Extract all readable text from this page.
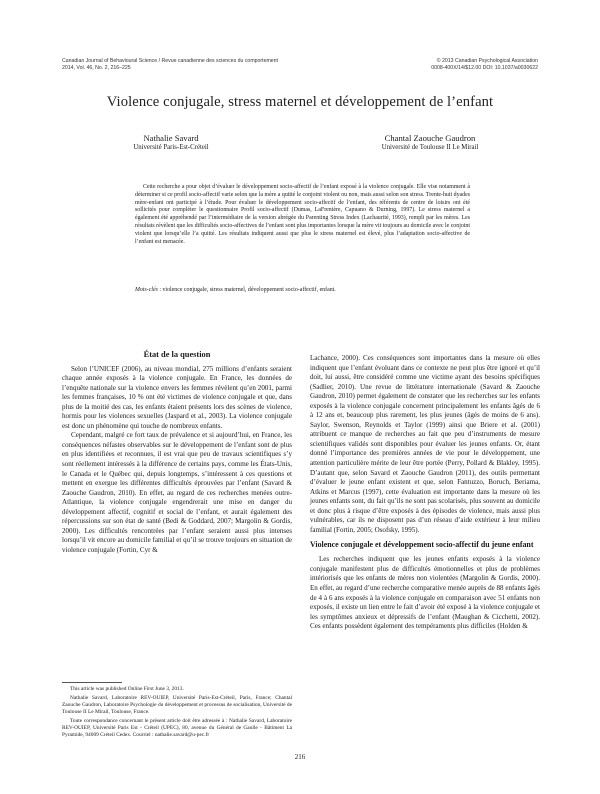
Canadian Journal of Behavioural Science / Revue canadienne des sciences du comportement
2014, Vol. 46, No. 2, 216–225
© 2013 Canadian Psychological Association
0008-400X/14/$12.00 DOI: 10.1037/a0030622
Violence conjugale, stress maternel et développement de l’enfant
Nathalie Savard
Université Paris-Est-Créteil
Chantal Zaouche Gaudron
Université de Toulouse II Le Mirail

Cette recherche a pour objet d’évaluer le développement socio-affectif de l’enfant exposé à la violence conjugale. Elle vise notamment à déterminer si ce profil socio-affectif varie selon que la mère a quitté le conjoint violent ou non, mais aussi selon son stress. Trente-huit dyades mère-enfant ont participé à l’étude. Pour évaluer le développement socio-affectif de l’enfant, des référents de centre de loisirs ont été sollicités pour compléter le questionnaire Profil socio-affectif (Dumas, LaFrenière, Capuano & Durning, 1997). Le stress maternel a également été appréhendé par l’intermédiaire de la version abrégée du Parenting Stress Index (Lachaurité, 1993), rempli par les mères. Les résultats révèlent que les difficultés socio-affectives de l’enfant sont plus importantes lorsque la mère vit toujours au domicile avec le conjoint violent que lorsqu’elle l’a quitté. Les résultats indiquent aussi que plus le stress maternel est élevé, plus l’adaptation socio-affective de l’enfant est menacée.

Mots-clés : violence conjugale, stress maternel, développement socio-affectif, enfant.
État de la question

Selon l’UNICEF (2006), au niveau mondial, 275 millions d’enfants seraient chaque année exposés à la violence conjugale. En France, les données de l’enquête nationale sur la violence envers les femmes révèlent qu’en 2001, parmi les femmes françaises, 10 % ont été victimes de violence conjugale et que, dans plus de la moitié des cas, les enfants étaient présents lors des scènes de violence, hormis pour les violences sexuelles (Jaspard et al., 2003). La violence conjugale est donc un phénomène qui touche de nombreux enfants.

Cependant, malgré ce fort taux de prévalence et si aujourd’hui, en France, les conséquences néfastes observables sur le développement de l’enfant sont de plus en plus identifiées et reconnues, il est vrai que peu de travaux scientifiques s’y sont réellement intéressés à la différence de certains pays, comme les États-Unis, le Canada et le Québec qui, depuis longtemps, s’intéressent à ces questions et mettent en exergue les différentes difficultés éprouvées par l’enfant (Savard & Zaouche Gaudron, 2010). En effet, au regard de ces recherches menées outre-Atlantique, la violence conjugale engendrerait une mise en danger du développement affectif, cognitif et social de l’enfant, et aurait également des répercussions sur son état de santé (Bedi & Goddard, 2007; Margolin & Gordis, 2000). Les difficultés rencontrées par l’enfant seraient aussi plus intenses lorsqu’il vit encore au domicile familial et qu’il se trouve toujours en situation de violence conjugale (Fortin, Cyr &

This article was published Online First June 3, 2013.

Nathalie Savard, Laboratoire REV-OUIEP, Université Paris-Est-Créteil, Paris, France; Chantal Zaouche Gaudron, Laboratoire Psychologie du développement et processus de socialisation, Université de Toulouse II Le Mirail, Toulouse, France.

Toute correspondance concernant le présent article doit être adressée à : Nathalie Savard, Laboratoire REV-OUIEP, Université Paris Est - Créteil (UPEC), 80, avenue du Général de Gaulle - Bâtiment La Pyramide, 94009 Créteil Cedex. Courriel : nathalie.savard@u-pec.fr

Lachance, 2000). Ces conséquences sont importantes dans la mesure où elles indiquent que l’enfant évoluant dans ce contexte ne peut plus être ignoré et qu’il doit, lui aussi, être considéré comme une victime ayant des besoins spécifiques (Sadlier, 2010). Une revue de littérature internationale (Savard & Zaouche Gaudron, 2010) permet également de constater que les recherches sur les enfants exposés à la violence conjugale concernent principalement les enfants âgés de 6 à 12 ans et, beaucoup plus rarement, les plus jeunes (âgés de moins de 6 ans). Saylor, Swenson, Reynolds et Taylor (1999) ainsi que Briere et al. (2001) attribuent ce manque de recherches au fait que peu d’instruments de mesure scientifiques validés sont disponibles pour évaluer les jeunes enfants. Or, étant donné l’importance des premières années de vie pour le développement, une attention particulière mérite de leur être portée (Perry, Pollard & Blakley, 1995). D’autant que, selon Savard et Zaouche Gaudron (2011), des outils permettant d’évaluer le jeune enfant existent et que, selon Fantuzzo, Boruch, Beriama, Atkins et Marcus (1997), cette évaluation est importante dans la mesure où les jeunes enfants sont, du fait qu’ils ne sont pas scolarisés, plus souvent au domicile et donc plus à risque d’être exposés à des épisodes de violence, mais aussi plus vulnérables, car ils ne disposent pas d’un réseau d’aide extérieur à leur milieu familial (Fortin, 2005; Osofsky, 1995).

Violence conjugale et développement socio-affectif du jeune enfant

Les recherches indiquent que les jeunes enfants exposés à la violence conjugale manifestent plus de difficultés émotionnelles et plus de problèmes intériorisés que les enfants de mères non violentées (Margolin & Gordis, 2000). En effet, au regard d’une recherche comparative menée auprès de 88 enfants âgés de 4 à 6 ans exposés à la violence conjugale en comparaison avec 51 enfants non exposés, il existe un lien entre le fait d’avoir été exposé à la violence conjugale et les symptômes anxieux et dépressifs de l’enfant (Maughan & Cicchetti, 2002). Ces enfants possèdent également des tempéraments plus difficiles (Holden &

216
